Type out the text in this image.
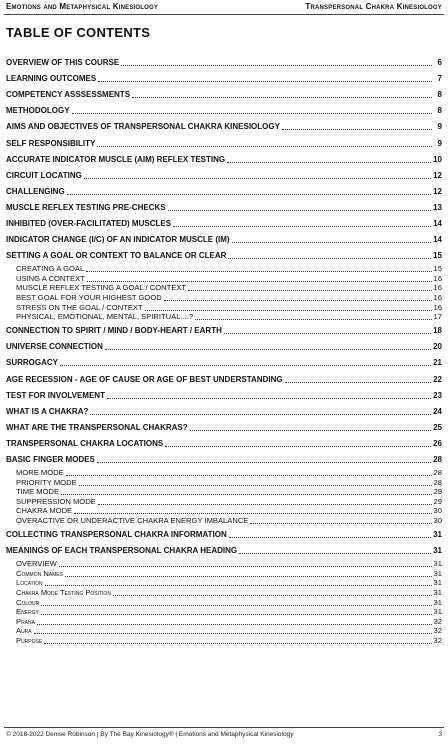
Emotions and Metaphysical Kinesiology	Transpersonal Chakra Kinesiology
TABLE OF CONTENTS
OVERVIEW OF THIS COURSE	6
LEARNING OUTCOMES	7
COMPETENCY ASSSESSMENTS	8
METHODOLOGY	8
AIMS AND OBJECTIVES OF TRANSPERSONAL CHAKRA KINESIOLOGY	9
SELF RESPONSIBILITY	9
ACCURATE INDICATOR MUSCLE (AIM) REFLEX TESTING	10
CIRCUIT LOCATING	12
CHALLENGING	12
MUSCLE REFLEX TESTING PRE-CHECKS	13
INHIBITED (OVER-FACILITATED) MUSCLES	14
INDICATOR CHANGE (I/C) OF AN INDICATOR MUSCLE (IM)	14
SETTING A GOAL OR CONTEXT TO BALANCE OR CLEAR	15
CREATING A GOAL	15
USING A CONTEXT	16
MUSCLE REFLEX TESTING A GOAL / CONTEXT	16
BEST GOAL FOR YOUR HIGHEST GOOD	16
STRESS ON THE GOAL / CONTEXT	16
PHYSICAL, EMOTIONAL, MENTAL, SPIRITUAL....?	17
CONNECTION TO SPIRIT / MIND / BODY-HEART / EARTH	18
UNIVERSE CONNECTION	20
SURROGACY	21
AGE RECESSION - AGE OF CAUSE OR AGE OF BEST UNDERSTANDING	22
TEST FOR INVOLVEMENT	23
WHAT IS A CHAKRA?	24
WHAT ARE THE TRANSPERSONAL CHAKRAS?	25
TRANSPERSONAL CHAKRA LOCATIONS	26
BASIC FINGER MODES	28
MORE MODE	28
PRIORITY MODE	28
TIME MODE	29
SUPPRESSION MODE	29
CHAKRA MODE	30
OVERACTIVE OR UNDERACTIVE CHAKRA ENERGY IMBALANCE	30
COLLECTING TRANSPERSONAL CHAKRA INFORMATION	31
MEANINGS OF EACH TRANSPERSONAL CHAKRA HEADING	31
OVERVIEW	31
Common Names	31
Location	31
Chakra Mode Testing Position	31
Colour	31
Energy	31
Prana	32
Aura	32
Purpose	32
© 2018-2022 Denise Robinson | By The Bay Kinesiology® | Emotions and Metaphysical Kinesiology	3
